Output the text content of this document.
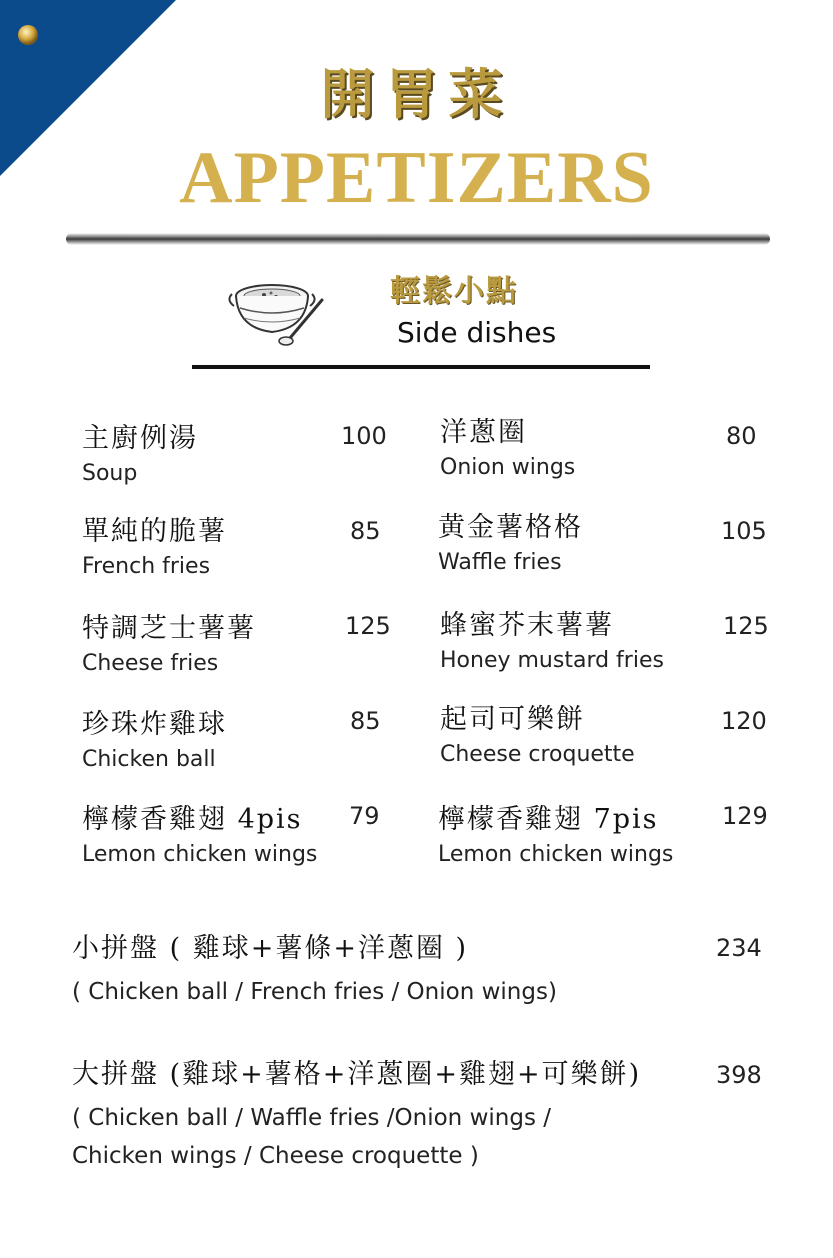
開胃菜
APPETIZERS
輕鬆小點
Side dishes
主廚例湯
Soup
100
單純的脆薯
French fries
85
特調芝士薯薯
Cheese fries
125
珍珠炸雞球
Chicken ball
85
檸檬香雞翅 4pis
Lemon chicken wings
79
洋蔥圈
Onion wings
80
黄金薯格格
Waffle fries
105
蜂蜜芥末薯薯
Honey mustard fries
125
起司可樂餅
Cheese croquette
120
檸檬香雞翅 7pis
Lemon chicken wings
129
小拼盤 ( 雞球+薯條+洋蔥圈 )
( Chicken ball / French fries / Onion wings)
234
大拼盤 (雞球+薯格+洋蔥圈+雞翅+可樂餅)
( Chicken ball / Waffle fries /Onion wings /
Chicken wings / Cheese croquette )
398
